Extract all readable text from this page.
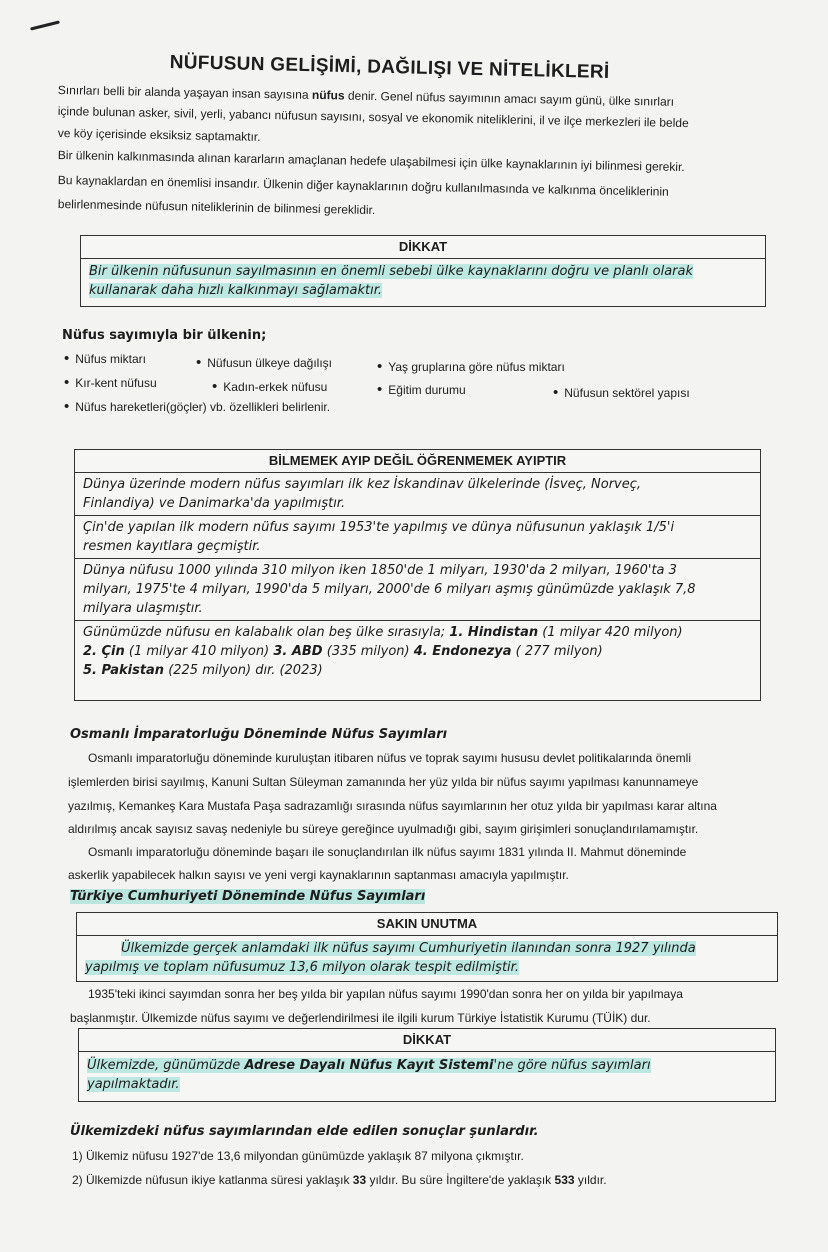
NÜFUSUN GELİŞİMİ, DAĞILIŞI VE NİTELİKLERİ
Sınırları belli bir alanda yaşayan insan sayısına nüfus denir. Genel nüfus sayımının amacı sayım günü, ülke sınırları
içinde bulunan asker, sivil, yerli, yabancı nüfusun sayısını, sosyal ve ekonomik niteliklerini, il ve ilçe merkezleri ile belde
ve köy içerisinde eksiksiz saptamaktır.
Bir ülkenin kalkınmasında alınan kararların amaçlanan hedefe ulaşabilmesi için ülke kaynaklarının iyi bilinmesi gerekir.
Bu kaynaklardan en önemlisi insandır. Ülkenin diğer kaynaklarının doğru kullanılmasında ve kalkınma önceliklerinin
belirlenmesinde nüfusun niteliklerinin de bilinmesi gereklidir.
DİKKAT
Bir ülkenin nüfusunun sayılmasının en önemli sebebi ülke kaynaklarını doğru ve planlı olarak
kullanarak daha hızlı kalkınmayı sağlamaktır.
Nüfus sayımıyla bir ülkenin;
• Nüfus miktarı	• Nüfusun ülkeye dağılışı	• Yaş gruplarına göre nüfus miktarı
• Kır-kent nüfusu	• Kadın-erkek nüfusu	• Eğitim durumu	• Nüfusun sektörel yapısı
• Nüfus hareketleri(göçler) vb. özellikleri belirlenir.
BİLMEMEK AYIP DEĞİL ÖĞRENMEMEK AYIPTIR
Dünya üzerinde modern nüfus sayımları ilk kez İskandinav ülkelerinde (İsveç, Norveç,
Finlandiya) ve Danimarka'da yapılmıştır.
Çin'de yapılan ilk modern nüfus sayımı 1953'te yapılmış ve dünya nüfusunun yaklaşık 1/5'i
resmen kayıtlara geçmiştir.
Dünya nüfusu 1000 yılında 310 milyon iken 1850'de 1 milyarı, 1930'da 2 milyarı, 1960'ta 3
milyarı, 1975'te 4 milyarı, 1990'da 5 milyarı, 2000'de 6 milyarı aşmış günümüzde yaklaşık 7,8
milyara ulaşmıştır.
Günümüzde nüfusu en kalabalık olan beş ülke sırasıyla; 1. Hindistan (1 milyar 420 milyon)
2. Çin (1 milyar 410 milyon) 3. ABD (335 milyon) 4. Endonezya ( 277 milyon)
5. Pakistan (225 milyon) dır. (2023)
Osmanlı İmparatorluğu Döneminde Nüfus Sayımları
Osmanlı imparatorluğu döneminde kuruluştan itibaren nüfus ve toprak sayımı hususu devlet politikalarında önemli
işlemlerden birisi sayılmış, Kanuni Sultan Süleyman zamanında her yüz yılda bir nüfus sayımı yapılması kanunnameye
yazılmış, Kemankeş Kara Mustafa Paşa sadrazamlığı sırasında nüfus sayımlarının her otuz yılda bir yapılması karar altına
aldırılmış ancak sayısız savaş nedeniyle bu süreye gereğince uyulmadığı gibi, sayım girişimleri sonuçlandırılamamıştır.
Osmanlı imparatorluğu döneminde başarı ile sonuçlandırılan ilk nüfus sayımı 1831 yılında II. Mahmut döneminde
askerlik yapabilecek halkın sayısı ve yeni vergi kaynaklarının saptanması amacıyla yapılmıştır.
Türkiye Cumhuriyeti Döneminde Nüfus Sayımları
SAKIN UNUTMA
Ülkemizde gerçek anlamdaki ilk nüfus sayımı Cumhuriyetin ilanından sonra 1927 yılında
yapılmış ve toplam nüfusumuz 13,6 milyon olarak tespit edilmiştir.
1935'teki ikinci sayımdan sonra her beş yılda bir yapılan nüfus sayımı 1990'dan sonra her on yılda bir yapılmaya
başlanmıştır. Ülkemizde nüfus sayımı ve değerlendirilmesi ile ilgili kurum Türkiye İstatistik Kurumu (TÜİK) dur.
DİKKAT
Ülkemizde, günümüzde Adrese Dayalı Nüfus Kayıt Sistemi'ne göre nüfus sayımları
yapılmaktadır.
Ülkemizdeki nüfus sayımlarından elde edilen sonuçlar şunlardır.
1) Ülkemiz nüfusu 1927'de 13,6 milyondan günümüzde yaklaşık 87 milyona çıkmıştır.
2) Ülkemizde nüfusun ikiye katlanma süresi yaklaşık 33 yıldır. Bu süre İngiltere'de yaklaşık 533 yıldır.
